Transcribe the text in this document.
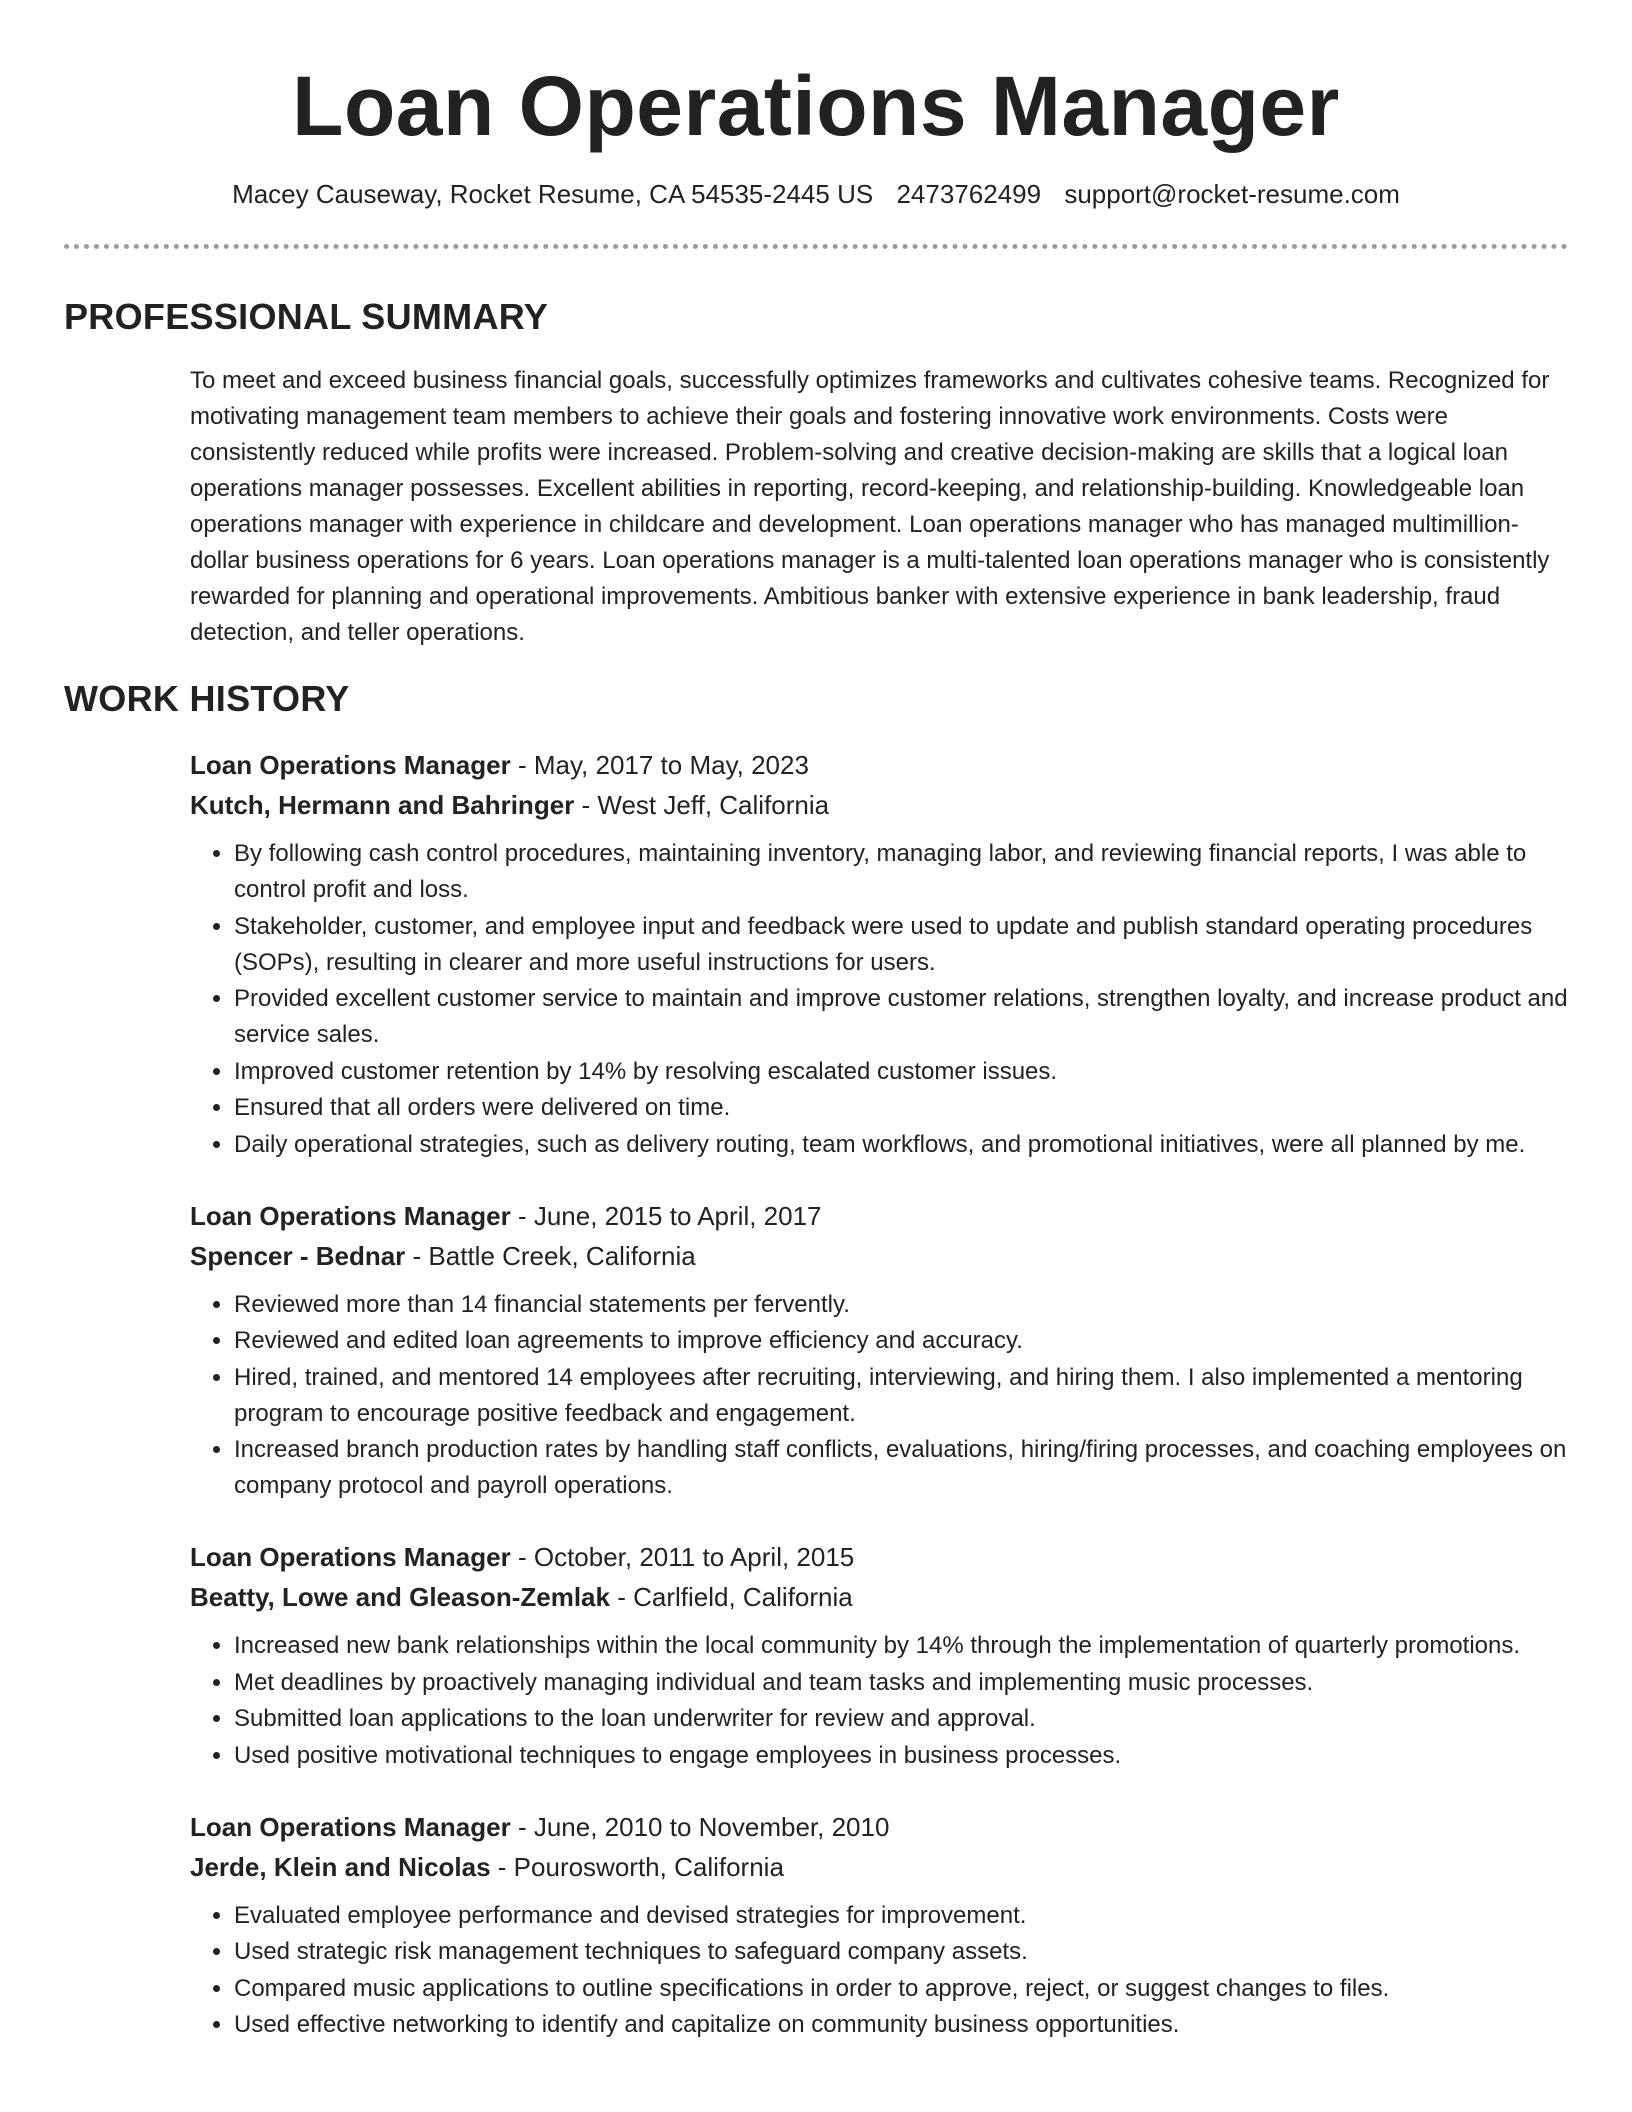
Loan Operations Manager
Macey Causeway, Rocket Resume, CA 54535-2445 US 2473762499 support@rocket-resume.com
PROFESSIONAL SUMMARY
To meet and exceed business financial goals, successfully optimizes frameworks and cultivates cohesive teams. Recognized for motivating management team members to achieve their goals and fostering innovative work environments. Costs were consistently reduced while profits were increased. Problem-solving and creative decision-making are skills that a logical loan operations manager possesses. Excellent abilities in reporting, record-keeping, and relationship-building. Knowledgeable loan operations manager with experience in childcare and development. Loan operations manager who has managed multimillion-dollar business operations for 6 years. Loan operations manager is a multi-talented loan operations manager who is consistently rewarded for planning and operational improvements. Ambitious banker with extensive experience in bank leadership, fraud detection, and teller operations.
WORK HISTORY
Loan Operations Manager - May, 2017 to May, 2023
Kutch, Hermann and Bahringer - West Jeff, California
• By following cash control procedures, maintaining inventory, managing labor, and reviewing financial reports, I was able to control profit and loss.
• Stakeholder, customer, and employee input and feedback were used to update and publish standard operating procedures (SOPs), resulting in clearer and more useful instructions for users.
• Provided excellent customer service to maintain and improve customer relations, strengthen loyalty, and increase product and service sales.
• Improved customer retention by 14% by resolving escalated customer issues.
• Ensured that all orders were delivered on time.
• Daily operational strategies, such as delivery routing, team workflows, and promotional initiatives, were all planned by me.
Loan Operations Manager - June, 2015 to April, 2017
Spencer - Bednar - Battle Creek, California
• Reviewed more than 14 financial statements per fervently.
• Reviewed and edited loan agreements to improve efficiency and accuracy.
• Hired, trained, and mentored 14 employees after recruiting, interviewing, and hiring them. I also implemented a mentoring program to encourage positive feedback and engagement.
• Increased branch production rates by handling staff conflicts, evaluations, hiring/firing processes, and coaching employees on company protocol and payroll operations.
Loan Operations Manager - October, 2011 to April, 2015
Beatty, Lowe and Gleason-Zemlak - Carlfield, California
• Increased new bank relationships within the local community by 14% through the implementation of quarterly promotions.
• Met deadlines by proactively managing individual and team tasks and implementing music processes.
• Submitted loan applications to the loan underwriter for review and approval.
• Used positive motivational techniques to engage employees in business processes.
Loan Operations Manager - June, 2010 to November, 2010
Jerde, Klein and Nicolas - Pourosworth, California
• Evaluated employee performance and devised strategies for improvement.
• Used strategic risk management techniques to safeguard company assets.
• Compared music applications to outline specifications in order to approve, reject, or suggest changes to files.
• Used effective networking to identify and capitalize on community business opportunities.
